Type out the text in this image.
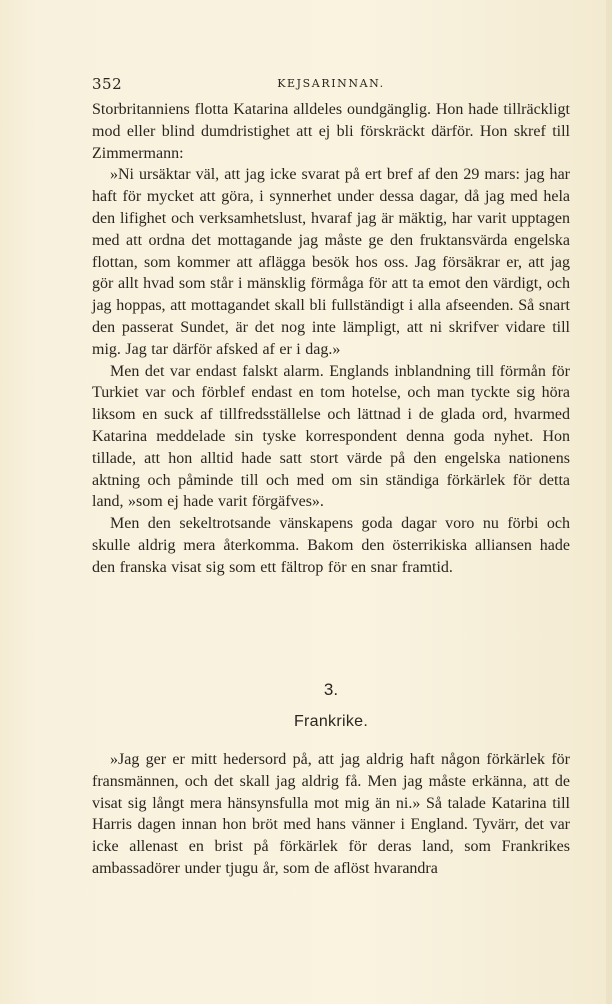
352	KEJSARINNAN.

Storbritanniens flotta Katarina alldeles oundgänglig. Hon hade tillräckligt mod eller blind dumdristighet att ej bli förskräckt därför. Hon skref till Zimmermann:

»Ni ursäktar väl, att jag icke svarat på ert bref af den 29 mars: jag har haft för mycket att göra, i synnerhet under dessa dagar, då jag med hela den lifighet och verksamhetslust, hvaraf jag är mäktig, har varit upptagen med att ordna det mottagande jag måste ge den fruktansvärda engelska flottan, som kommer att aflägga besök hos oss. Jag försäkrar er, att jag gör allt hvad som står i mänsklig förmåga för att ta emot den värdigt, och jag hoppas, att mottagandet skall bli fullständigt i alla afseenden. Så snart den passerat Sundet, är det nog inte lämpligt, att ni skrifver vidare till mig. Jag tar därför afsked af er i dag.»

Men det var endast falskt alarm. Englands inblandning till förmån för Turkiet var och förblef endast en tom hotelse, och man tyckte sig höra liksom en suck af tillfredsställelse och lättnad i de glada ord, hvarmed Katarina meddelade sin tyske korrespondent denna goda nyhet. Hon tillade, att hon alltid hade satt stort värde på den engelska nationens aktning och påminde till och med om sin ständiga förkärlek för detta land, »som ej hade varit förgäfves».

Men den sekeltrotsande vänskapens goda dagar voro nu förbi och skulle aldrig mera återkomma. Bakom den österrikiska alliansen hade den franska visat sig som ett fältrop för en snar framtid.

3.
Frankrike.

»Jag ger er mitt hedersord på, att jag aldrig haft någon förkärlek för fransmännen, och det skall jag aldrig få. Men jag måste erkänna, att de visat sig långt mera hänsynsfulla mot mig än ni.» Så talade Katarina till Harris dagen innan hon bröt med hans vänner i England. Tyvärr, det var icke allenast en brist på förkärlek för deras land, som Frankrikes ambassadörer under tjugu år, som de aflöst hvarandra
